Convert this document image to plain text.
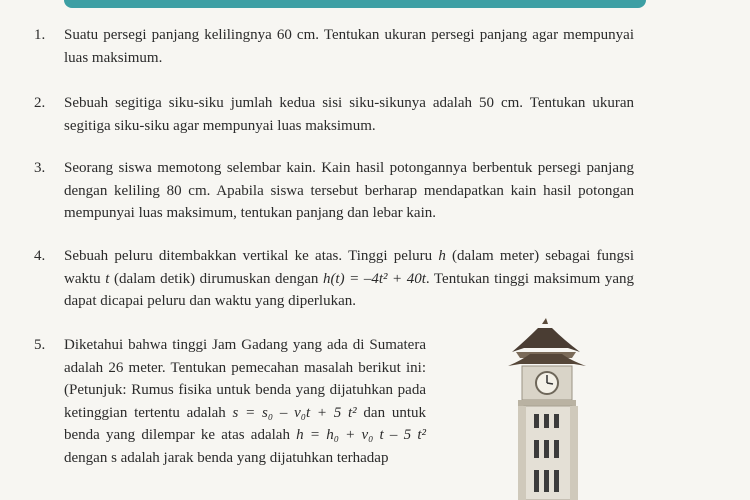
1. Suatu persegi panjang kelilingnya 60 cm. Tentukan ukuran persegi panjang agar mempunyai luas maksimum.
2. Sebuah segitiga siku-siku jumlah kedua sisi siku-sikunya adalah 50 cm. Tentukan ukuran segitiga siku-siku agar mempunyai luas maksimum.
3. Seorang siswa memotong selembar kain. Kain hasil potongannya berbentuk persegi panjang dengan keliling 80 cm. Apabila siswa tersebut berharap mendapatkan kain hasil potongan mempunyai luas maksimum, tentukan panjang dan lebar kain.
4. Sebuah peluru ditembakkan vertikal ke atas. Tinggi peluru h (dalam meter) sebagai fungsi waktu t (dalam detik) dirumuskan dengan h(t) = –4t² + 40t. Tentukan tinggi maksimum yang dapat dicapai peluru dan waktu yang diperlukan.
5. Diketahui bahwa tinggi Jam Gadang yang ada di Sumatera adalah 26 meter. Tentukan pemecahan masalah berikut ini: (Petunjuk: Rumus fisika untuk benda yang dijatuhkan pada ketinggian tertentu adalah s = s₀ – v₀t + 5 t² dan untuk benda yang dilempar ke atas adalah h = h₀ + v₀ t – 5 t² dengan s adalah jarak benda yang dijatuhkan terhadap
